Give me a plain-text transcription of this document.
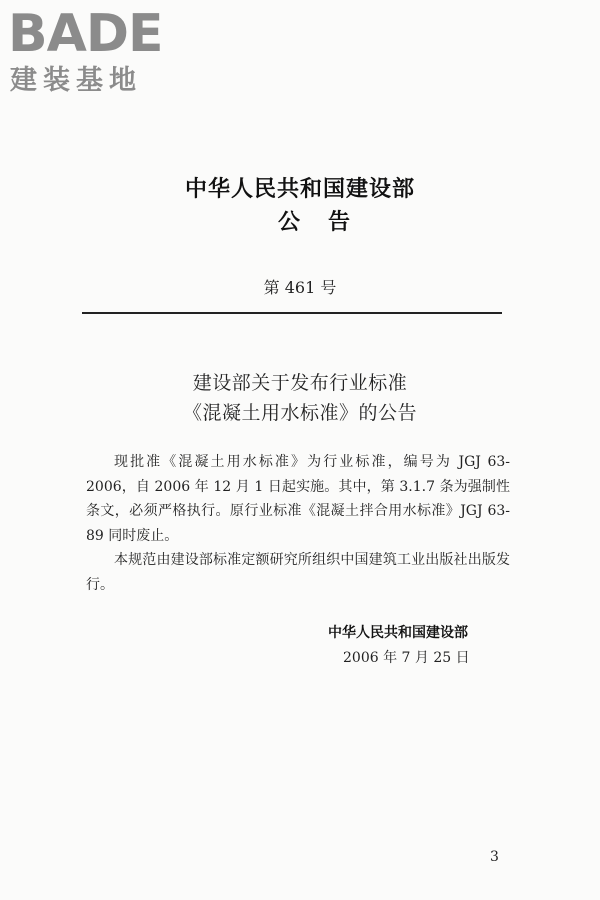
BADE
建装基地
中华人民共和国建设部
公告
第 461 号
建设部关于发布行业标准
《混凝土用水标准》的公告

现批准《混凝土用水标准》为行业标准，编号为 JGJ 63-2006，自 2006 年 12 月 1 日起实施。其中，第 3.1.7 条为强制性条文，必须严格执行。原行业标准《混凝土拌合用水标准》JGJ 63-89 同时废止。

本规范由建设部标准定额研究所组织中国建筑工业出版社出版发行。

中华人民共和国建设部
2006 年 7 月 25 日
3
